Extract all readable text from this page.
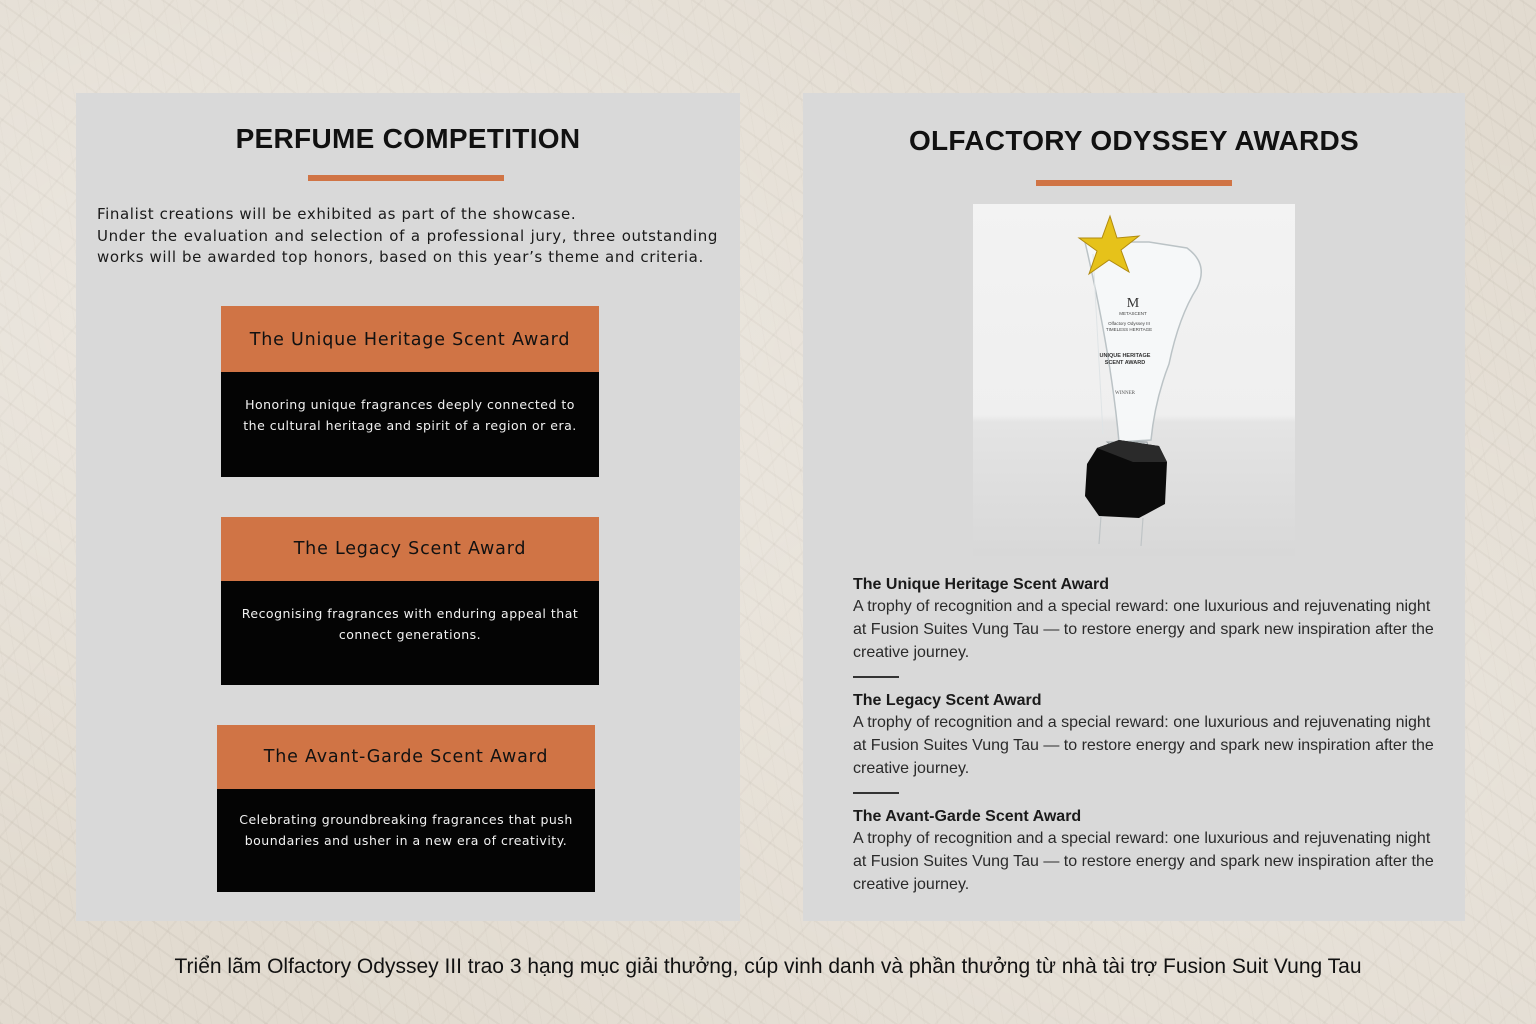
PERFUME COMPETITION

Finalist creations will be exhibited as part of the showcase.

Under the evaluation and selection of a professional jury, three outstanding works will be awarded top honors, based on this year’s theme and criteria.

The Unique Heritage Scent Award
Honoring unique fragrances deeply connected to the cultural heritage and spirit of a region or era.
The Legacy Scent Award
Recognising fragrances with enduring appeal that connect generations.
The Avant-Garde Scent Award
Celebrating groundbreaking fragrances that push boundaries and usher in a new era of creativity.
OLFACTORY ODYSSEY AWARDS
M
METASCENT
Olfactory Odyssey III
TIMELESS HERITAGE
UNIQUE HERITAGE
SCENT AWARD
WINNER
The Unique Heritage Scent Award
A trophy of recognition and a special reward: one luxurious and rejuvenating night at Fusion Suites Vung Tau — to restore energy and spark new inspiration after the creative journey.
The Legacy Scent Award
A trophy of recognition and a special reward: one luxurious and rejuvenating night at Fusion Suites Vung Tau — to restore energy and spark new inspiration after the creative journey.
The Avant-Garde Scent Award
A trophy of recognition and a special reward: one luxurious and rejuvenating night at Fusion Suites Vung Tau — to restore energy and spark new inspiration after the creative journey.
Triển lãm Olfactory Odyssey III trao 3 hạng mục giải thưởng, cúp vinh danh và phần thưởng từ nhà tài trợ Fusion Suit Vung Tau
